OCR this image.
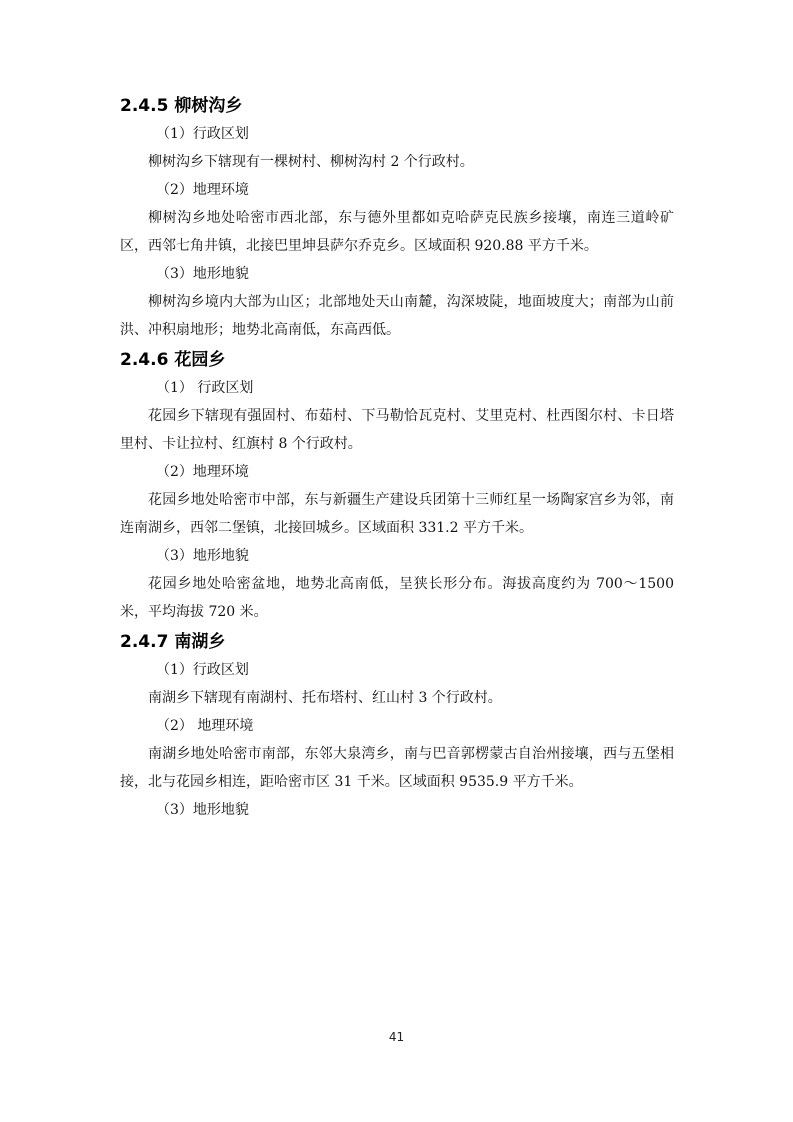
2.4.5 柳树沟乡

（1）行政区划

柳树沟乡下辖现有一棵树村、柳树沟村 2 个行政村。

（2）地理环境

柳树沟乡地处哈密市西北部，东与德外里都如克哈萨克民族乡接壤，南连三道岭矿区，西邻七角井镇，北接巴里坤县萨尔乔克乡。区域面积 920.88 平方千米。

（3）地形地貌

柳树沟乡境内大部为山区；北部地处天山南麓，沟深坡陡，地面坡度大；南部为山前洪、冲积扇地形；地势北高南低，东高西低。

2.4.6 花园乡

（1） 行政区划

花园乡下辖现有强固村、布茹村、下马勒恰瓦克村、艾里克村、杜西图尔村、卡日塔里村、卡让拉村、红旗村 8 个行政村。

（2）地理环境

花园乡地处哈密市中部，东与新疆生产建设兵团第十三师红星一场陶家宫乡为邻，南连南湖乡，西邻二堡镇，北接回城乡。区域面积 331.2 平方千米。

（3）地形地貌

花园乡地处哈密盆地，地势北高南低，呈狭长形分布。海拔高度约为 700～1500 米，平均海拔 720 米。

2.4.7 南湖乡

（1）行政区划

南湖乡下辖现有南湖村、托布塔村、红山村 3 个行政村。

（2） 地理环境

南湖乡地处哈密市南部，东邻大泉湾乡，南与巴音郭楞蒙古自治州接壤，西与五堡相接，北与花园乡相连，距哈密市区 31 千米。区域面积 9535.9 平方千米。

（3）地形地貌

41
